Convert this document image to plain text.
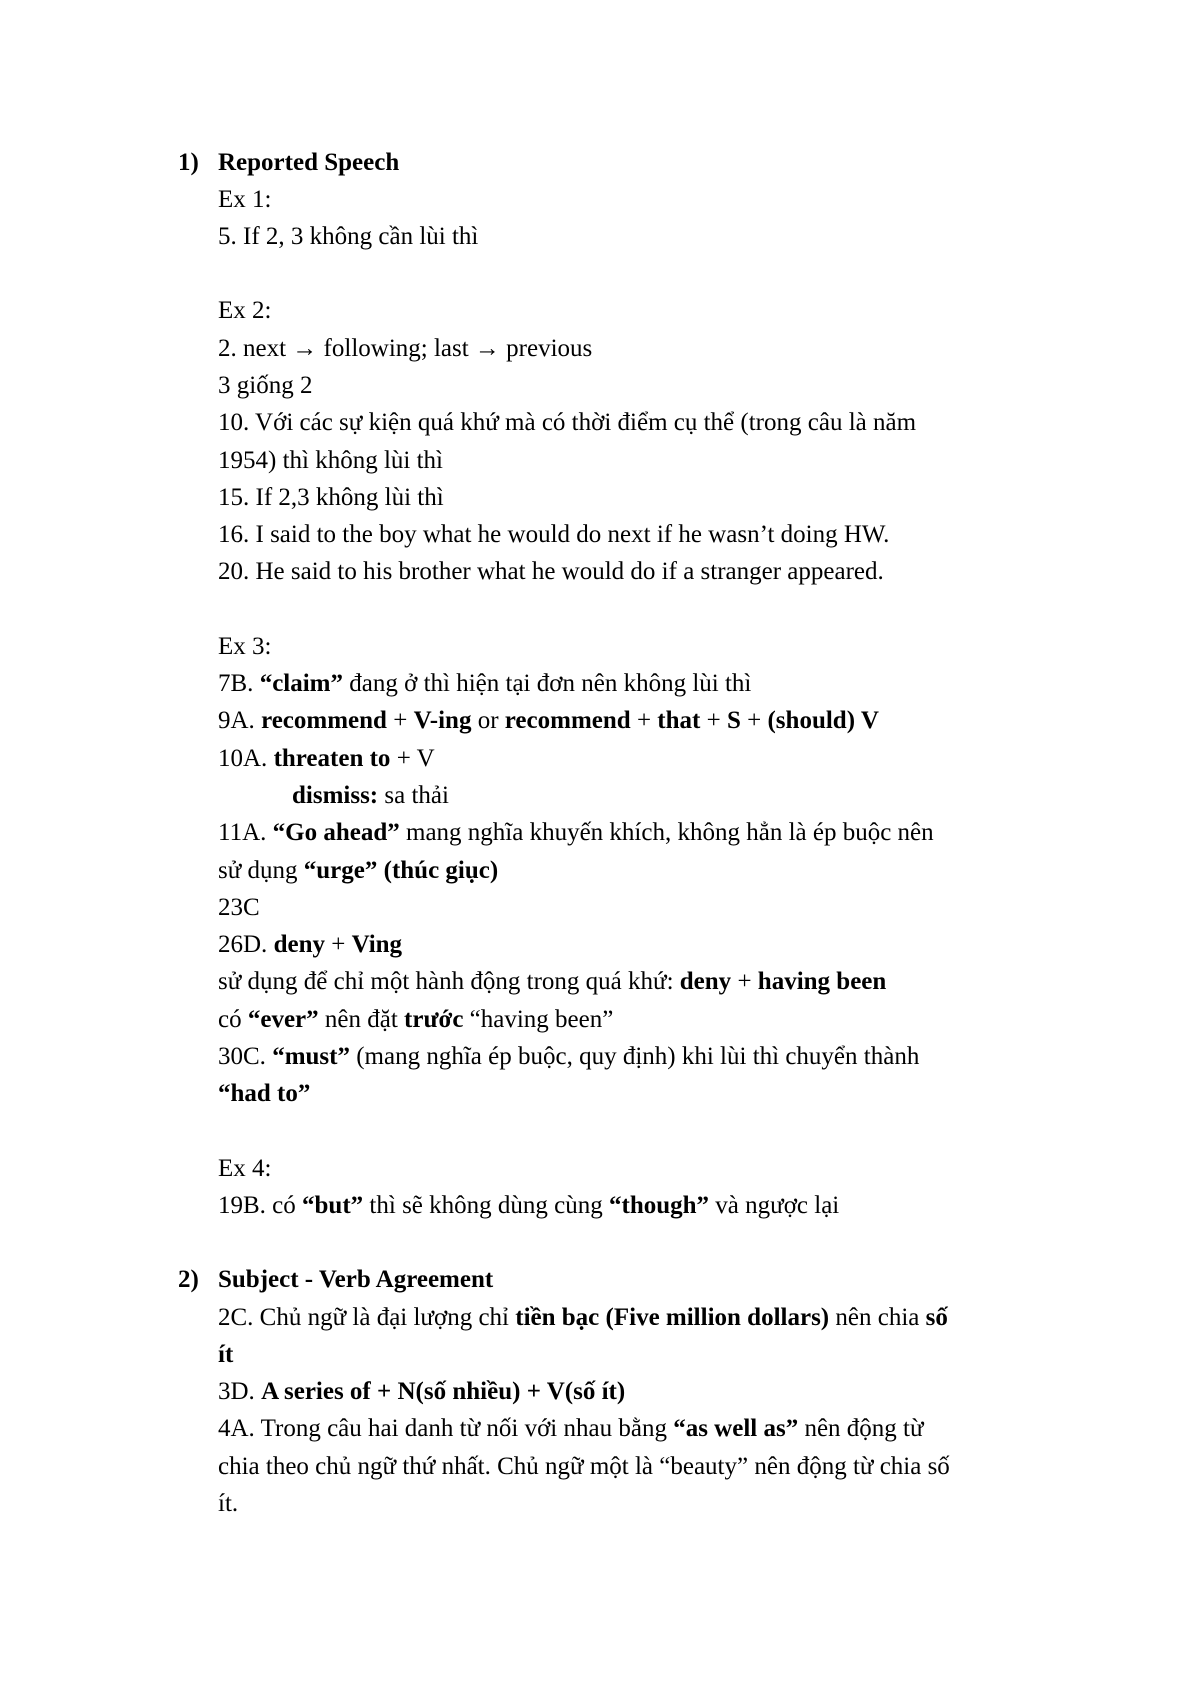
1) Reported Speech
Ex 1:
5. If 2, 3 không cần lùi thì
Ex 2:
2. next → following; last → previous
3 giống 2
10. Với các sự kiện quá khứ mà có thời điểm cụ thể (trong câu là năm
1954) thì không lùi thì
15. If 2,3 không lùi thì
16. I said to the boy what he would do next if he wasn’t doing HW.
20. He said to his brother what he would do if a stranger appeared.
Ex 3:
7B. “claim” đang ở thì hiện tại đơn nên không lùi thì
9A. recommend + V-ing or recommend + that + S + (should) V
10A. threaten to + V
dismiss: sa thải
11A. “Go ahead” mang nghĩa khuyến khích, không hẳn là ép buộc nên
sử dụng “urge” (thúc giục)
23C
26D. deny + Ving
sử dụng để chỉ một hành động trong quá khứ: deny + having been
có “ever” nên đặt trước “having been”
30C. “must” (mang nghĩa ép buộc, quy định) khi lùi thì chuyển thành
“had to”
Ex 4:
19B. có “but” thì sẽ không dùng cùng “though” và ngược lại
2) Subject - Verb Agreement
2C. Chủ ngữ là đại lượng chỉ tiền bạc (Five million dollars) nên chia số
ít
3D. A series of + N(số nhiều) + V(số ít)
4A. Trong câu hai danh từ nối với nhau bằng “as well as” nên động từ
chia theo chủ ngữ thứ nhất. Chủ ngữ một là “beauty” nên động từ chia số
ít.
